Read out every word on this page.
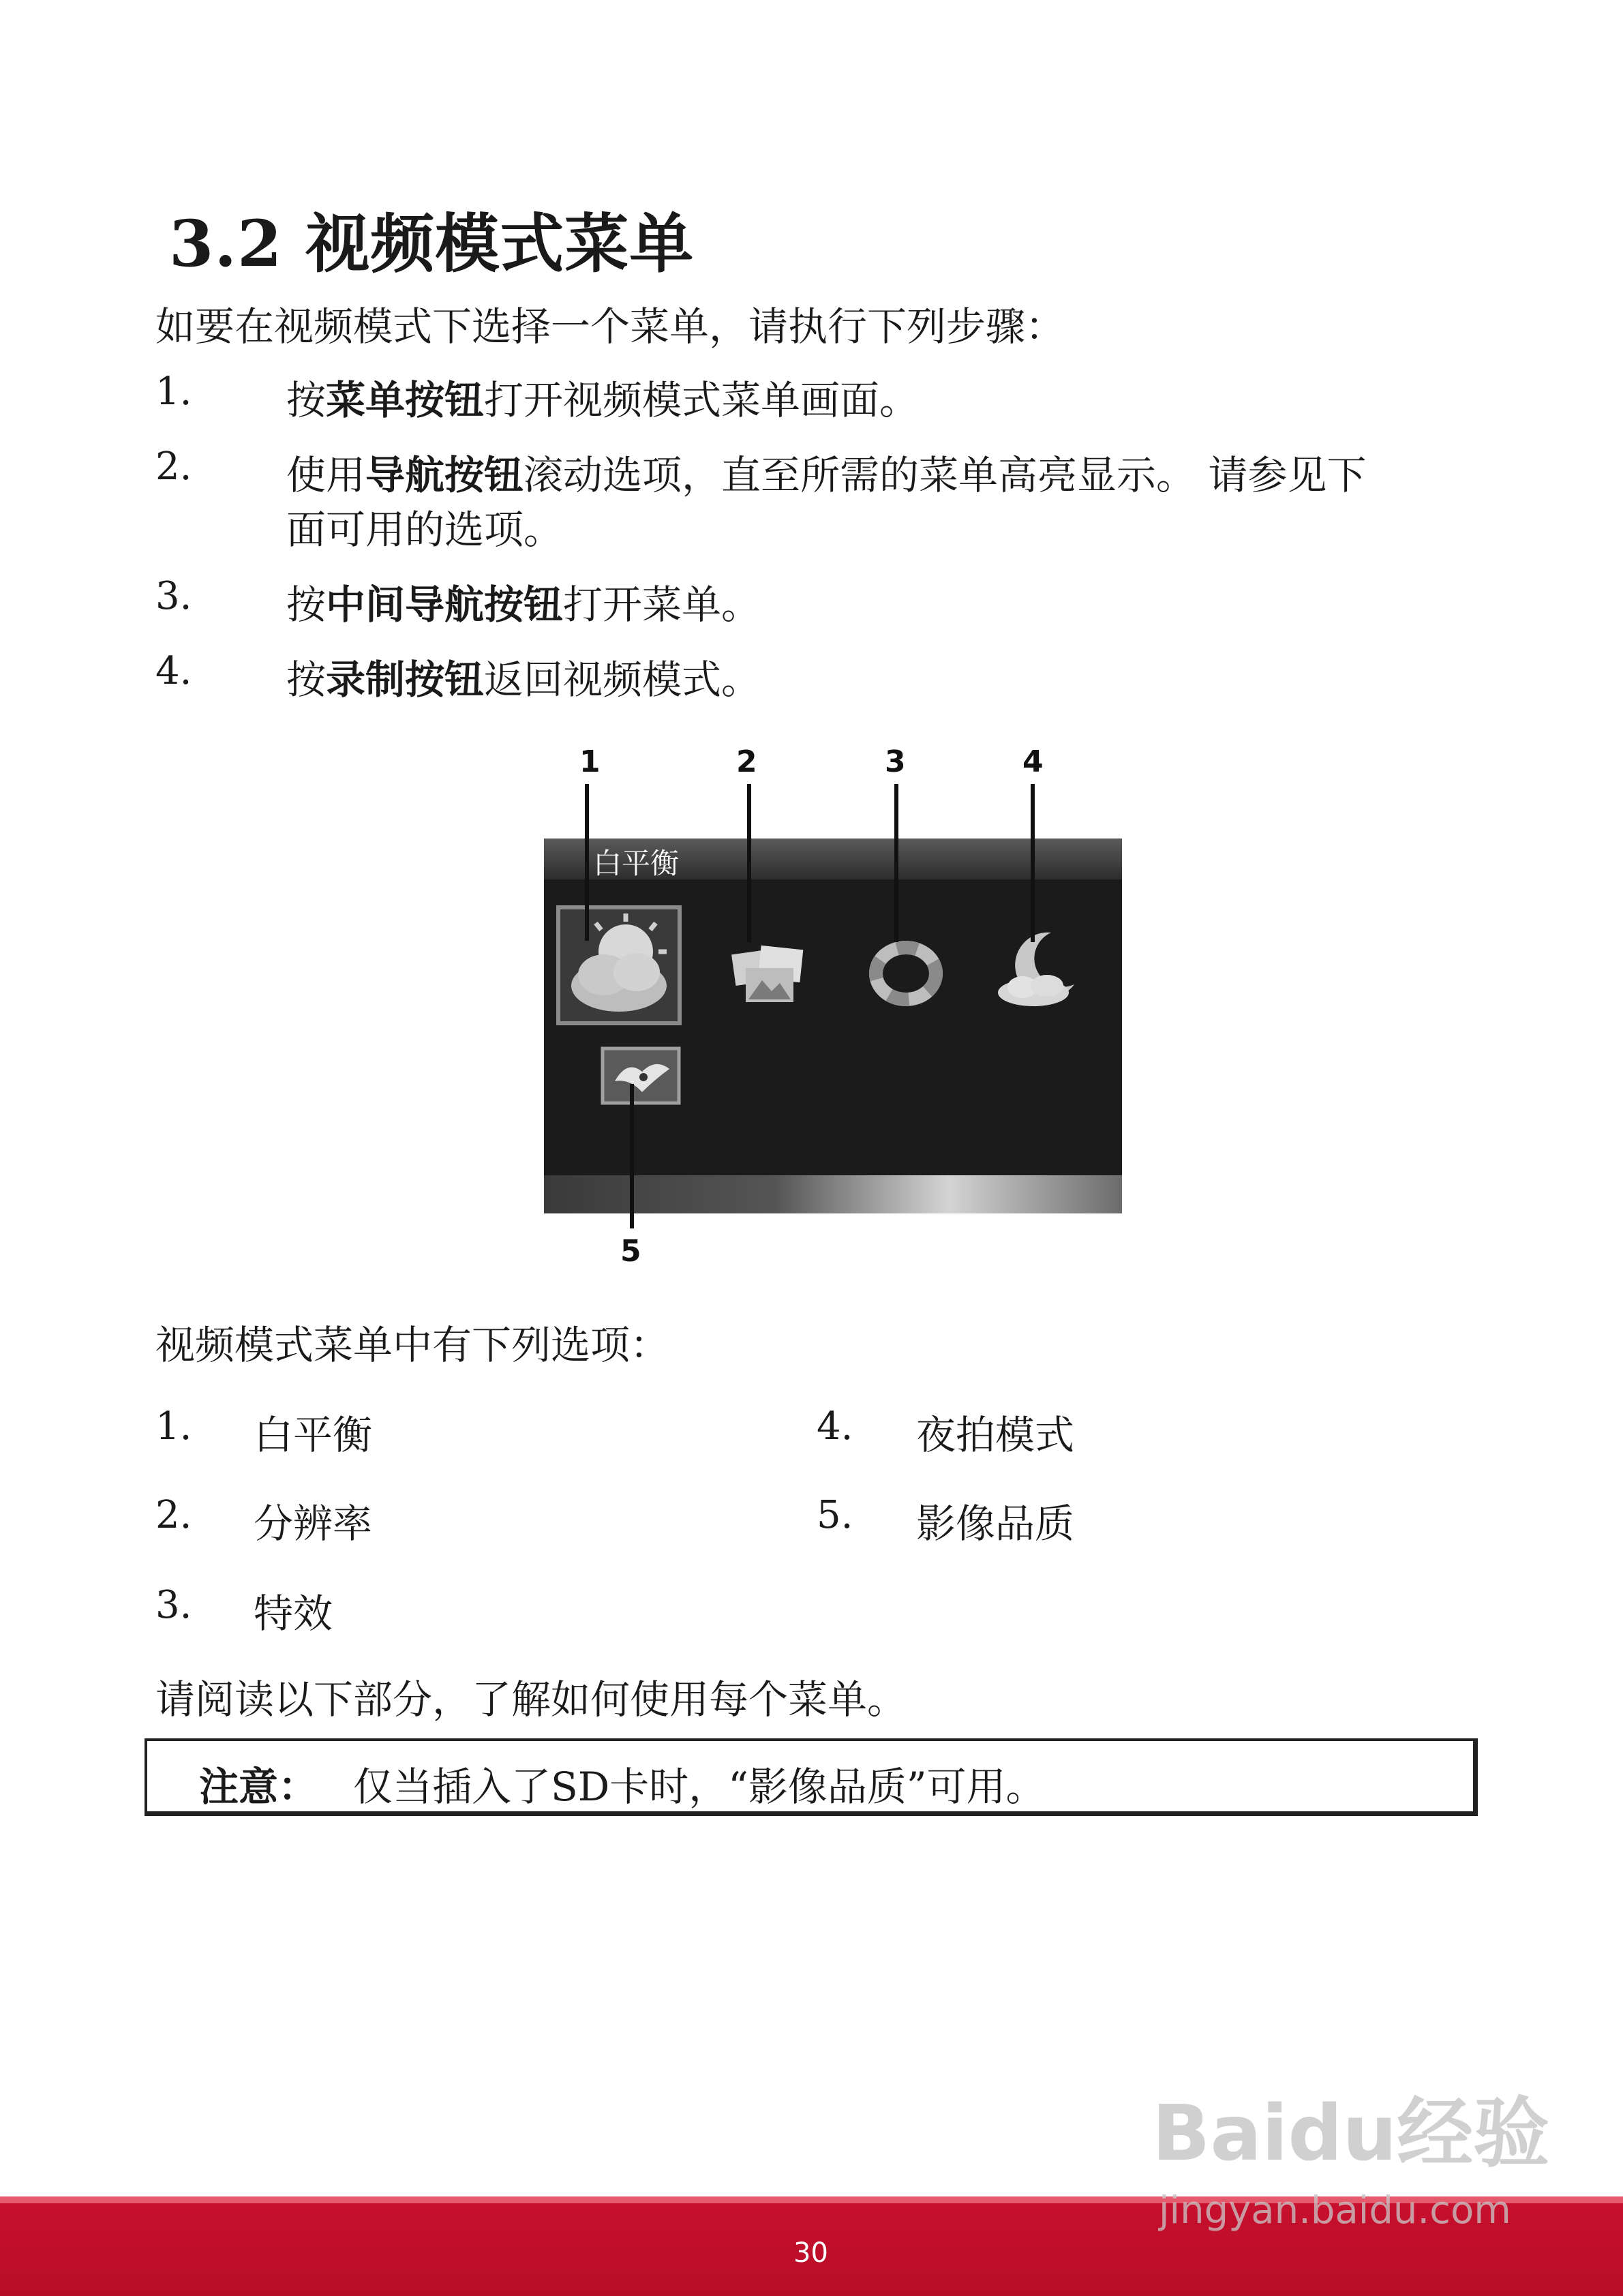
3.2 视频模式菜单
如要在视频模式下选择一个菜单，请执行下列步骤：
1. 按菜单按钮打开视频模式菜单画面。
2. 使用导航按钮滚动选项，直至所需的菜单高亮显示。 请参见下
面可用的选项。
3. 按中间导航按钮打开菜单。
4. 按录制按钮返回视频模式。
1	2	3	4
5
白平衡
视频模式菜单中有下列选项：
1. 白平衡
2. 分辨率
3. 特效
4. 夜拍模式
5. 影像品质
请阅读以下部分，了解如何使用每个菜单。
注意： 仅当插入了SD卡时，“影像品质”可用。
Baidu经验
jingyan.baidu.com
30
